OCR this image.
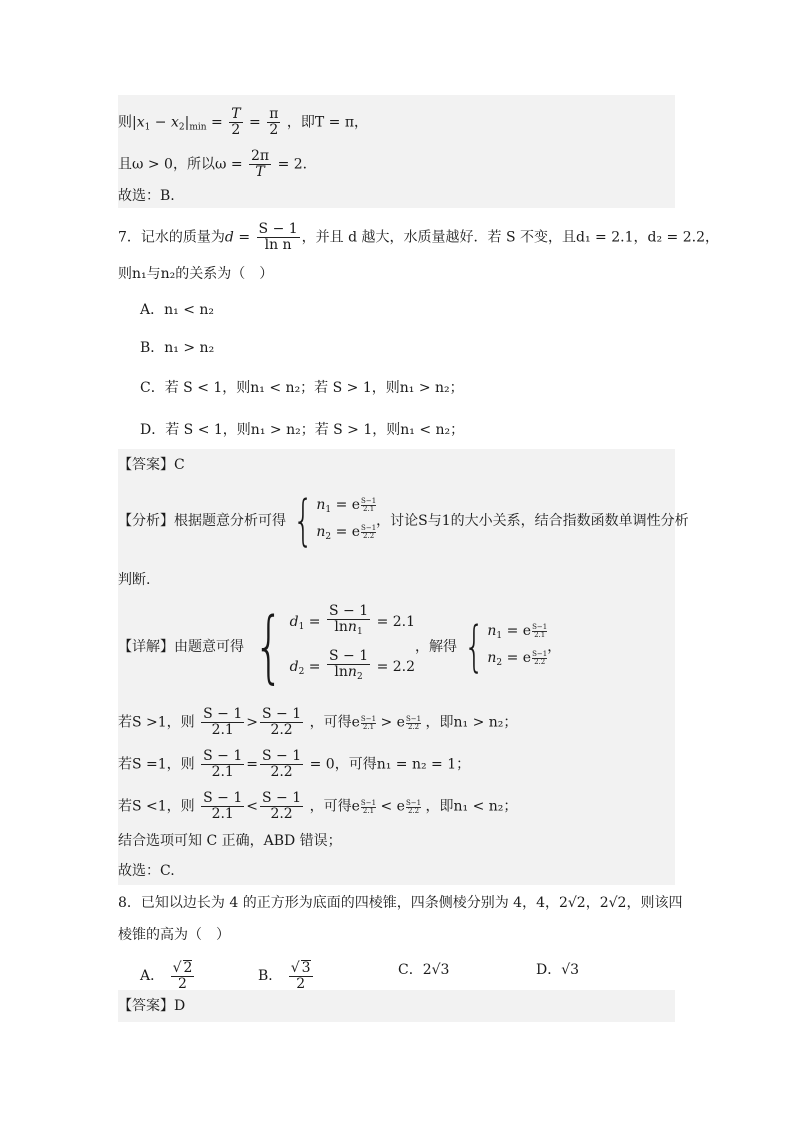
则$|x_1 - x_2|_{min} = \frac{T}{2} = \frac{\pi}{2}$ ，即T = π，
且ω > 0，所以$\omega = \frac{2\pi}{T} = 2$．
故选：B.
7．记水的质量为$d = \frac{S - 1}{\text{ln n}}$ ，并且 d 越大，水质量越好．若 S 不变，且d₁ = 2.1，d₂ = 2.2，
则n₁与n₂的关系为（　）
A．n₁ < n₂
B．n₁ > n₂
C．若 S < 1，则n₁ < n₂；若 S > 1，则n₁ > n₂；
D．若 S < 1，则n₁ > n₂；若 S > 1，则n₁ < n₂；
【答案】C
【分析】根据题意分析可得 { $n_1 = e \frac{S-1}{2.1}$
$n_2 = e \frac{S-1}{2.2}$
，讨论S与1的大小关系，结合指数函数单调性分析
判断.
【详解】由题意可得 { $d_1 = \frac{S - 1}{\ln n_1} = 2.1$
$d_2 = \frac{S - 1}{\ln n_2} = 2.2$
，解得 { $n_1 = e \frac{S-1}{2.1}$
$n_2 = e \frac{S-1}{2.2}$
，
若S >1，则 $\frac{S - 1}{2.1} > \frac{S - 1}{2.2}$ ，可得e $\frac{S-1}{2.1} > e \frac{S-1}{2.2}$ ，即n₁ > n₂；
若S =1，则 $\frac{S - 1}{2.1} = \frac{S - 1}{2.2} = 0$，可得n₁ = n₂ = 1；
若S <1，则 $\frac{S - 1}{2.1} < \frac{S - 1}{2.2}$ ，可得e $\frac{S-1}{2.1} < e \frac{S-1}{2.2}$ ，即n₁ < n₂；
结合选项可知 C 正确，ABD 错误；
故选：C.
8．已知以边长为 4 的正方形为底面的四棱锥，四条侧棱分别为 4，4，2√2，2√2，则该四
棱锥的高为（　）
A． $\frac{√ 2}{2}$	B． $\frac{√ 3}{2}$	C．2√3	D．√3
【答案】D
